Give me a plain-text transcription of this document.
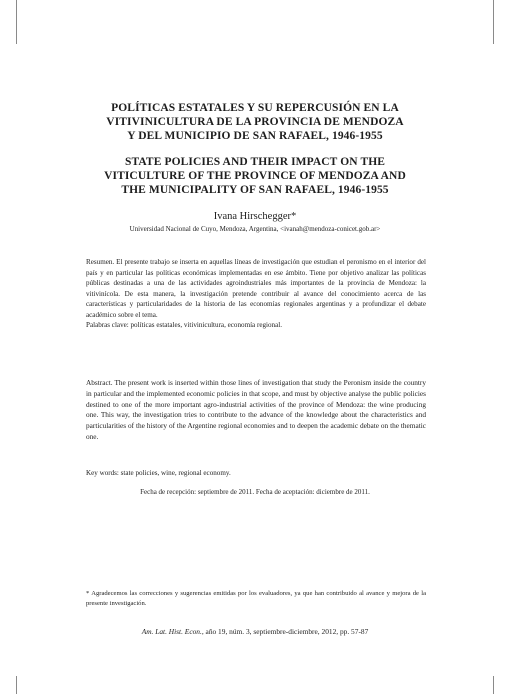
POLÍTICAS ESTATALES Y SU REPERCUSIÓN EN LA
VITIVINICULTURA DE LA PROVINCIA DE MENDOZA
Y DEL MUNICIPIO DE SAN RAFAEL, 1946-1955
STATE POLICIES AND THEIR IMPACT ON THE
VITICULTURE OF THE PROVINCE OF MENDOZA AND
THE MUNICIPALITY OF SAN RAFAEL, 1946-1955
Ivana Hirschegger*
Universidad Nacional de Cuyo, Mendoza, Argentina, <ivanah@mendoza-conicet.gob.ar>

Resumen. El presente trabajo se inserta en aquellas líneas de investigación que estudian el peronismo en el interior del país y en particular las políticas económicas implementadas en ese ámbito. Tiene por objetivo analizar las políticas públicas destinadas a una de las actividades agroindustriales más importantes de la provincia de Mendoza: la vitivinícola. De esta manera, la investigación pretende contribuir al avance del conocimiento acerca de las características y particularidades de la historia de las economías regionales argentinas y a profundizar el debate académico sobre el tema.

Palabras clave: políticas estatales, vitivinicultura, economía regional.

Abstract. The present work is inserted within those lines of investigation that study the Peronism inside the country in particular and the implemented economic policies in that scope, and must by objective analyse the public policies destined to one of the more important agro-industrial activities of the province of Mendoza: the wine producing one. This way, the investigation tries to contribute to the advance of the knowledge about the characteristics and particularities of the history of the Argentine regional economies and to deepen the academic debate on the thematic one.

Key words: state policies, wine, regional economy.

Fecha de recepción: septiembre de 2011. Fecha de aceptación: diciembre de 2011.

* Agradecemos las correcciones y sugerencias emitidas por los evaluadores, ya que han contribuido al avance y mejora de la presente investigación.

Am. Lat. Hist. Econ., año 19, núm. 3, septiembre-diciembre, 2012, pp. 57-87
